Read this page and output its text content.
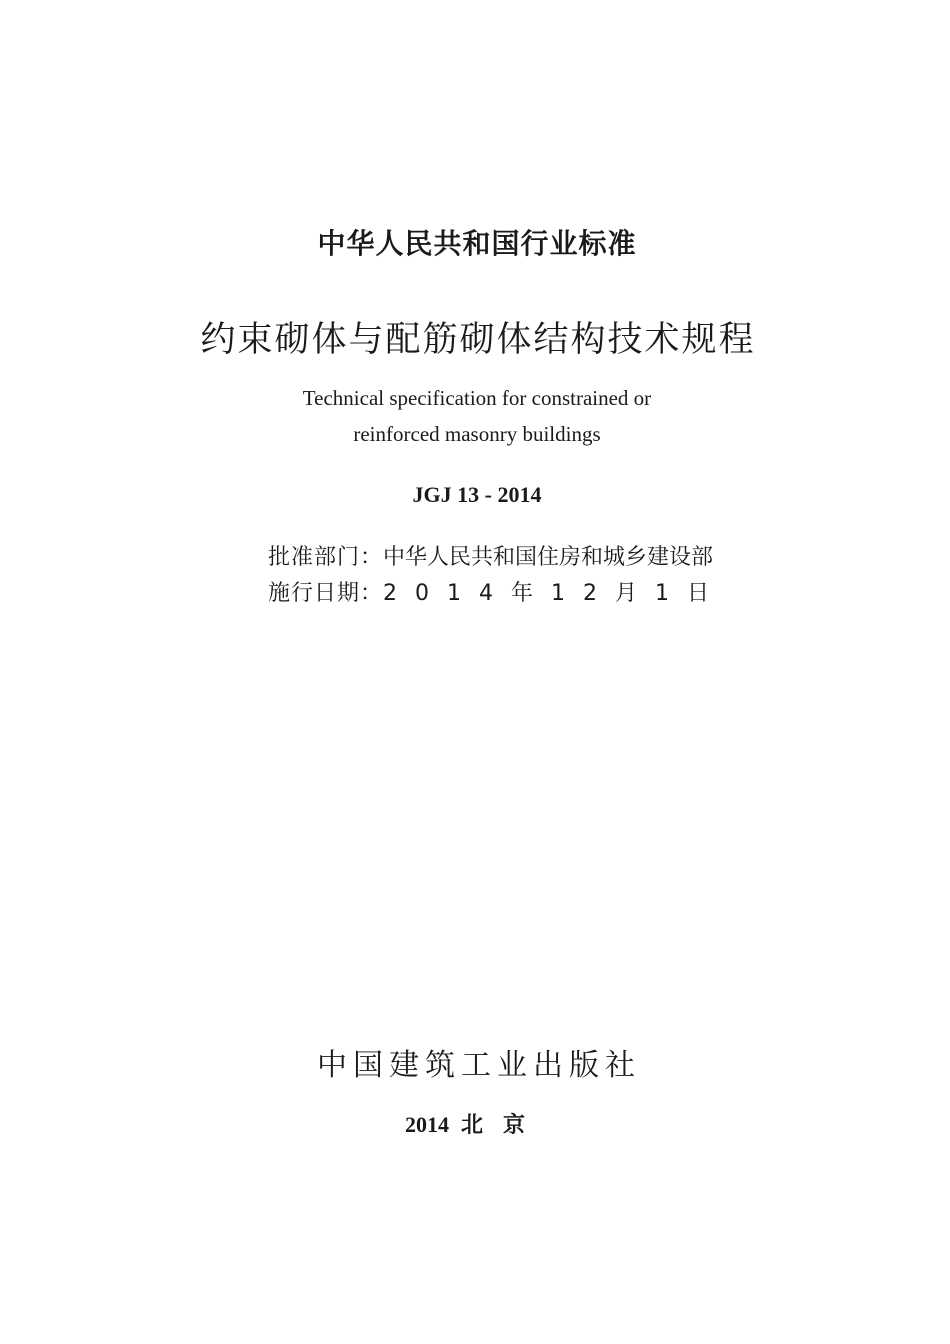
中华人民共和国行业标准
约束砌体与配筋砌体结构技术规程
Technical specification for constrained or
reinforced masonry buildings
JGJ 13 - 2014
批准部门：中华人民共和国住房和城乡建设部
施行日期：2014年12月1日
中国建筑工业出版社
2014 北京
